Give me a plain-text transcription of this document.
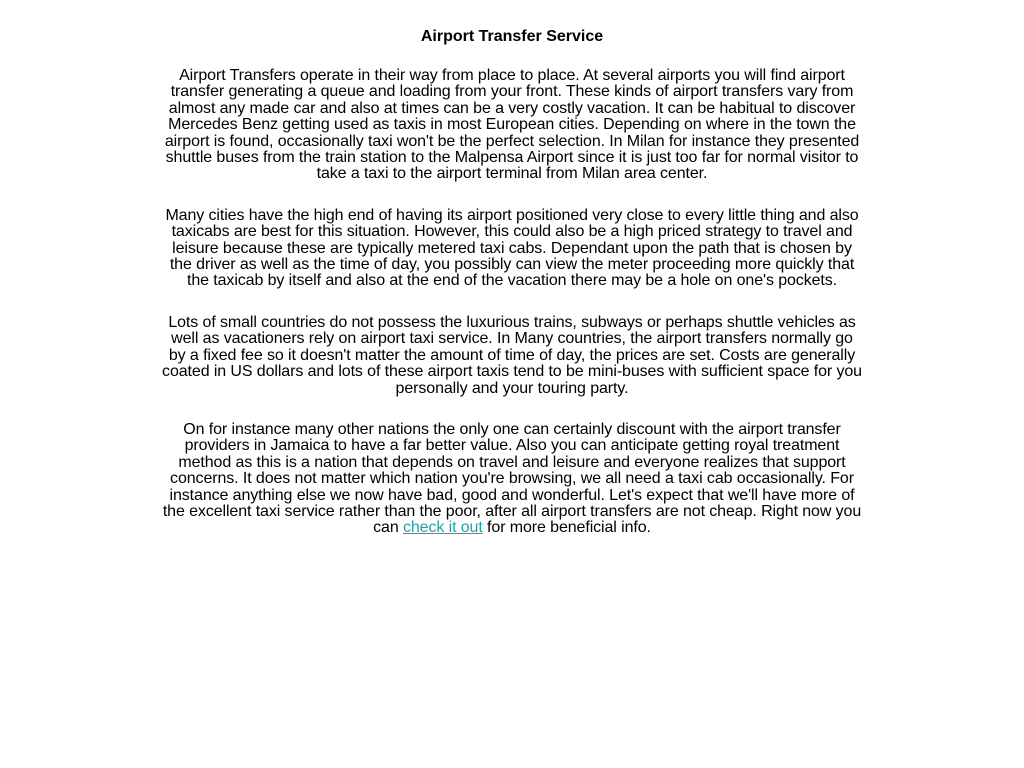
Airport Transfer Service

Airport Transfers operate in their way from place to place. At several airports you will find airport transfer generating a queue and loading from your front. These kinds of airport transfers vary from almost any made car and also at times can be a very costly vacation. It can be habitual to discover Mercedes Benz getting used as taxis in most European cities. Depending on where in the town the airport is found, occasionally taxi won't be the perfect selection. In Milan for instance they presented shuttle buses from the train station to the Malpensa Airport since it is just too far for normal visitor to take a taxi to the airport terminal from Milan area center.

Many cities have the high end of having its airport positioned very close to every little thing and also taxicabs are best for this situation. However, this could also be a high priced strategy to travel and leisure because these are typically metered taxi cabs. Dependant upon the path that is chosen by the driver as well as the time of day, you possibly can view the meter proceeding more quickly that the taxicab by itself and also at the end of the vacation there may be a hole on one's pockets.

Lots of small countries do not possess the luxurious trains, subways or perhaps shuttle vehicles as well as vacationers rely on airport taxi service. In Many countries, the airport transfers normally go by a fixed fee so it doesn't matter the amount of time of day, the prices are set. Costs are generally coated in US dollars and lots of these airport taxis tend to be mini-buses with sufficient space for you personally and your touring party.

On for instance many other nations the only one can certainly discount with the airport transfer providers in Jamaica to have a far better value. Also you can anticipate getting royal treatment method as this is a nation that depends on travel and leisure and everyone realizes that support concerns. It does not matter which nation you're browsing, we all need a taxi cab occasionally. For instance anything else we now have bad, good and wonderful. Let's expect that we'll have more of the excellent taxi service rather than the poor, after all airport transfers are not cheap. Right now you can check it out for more beneficial info.
